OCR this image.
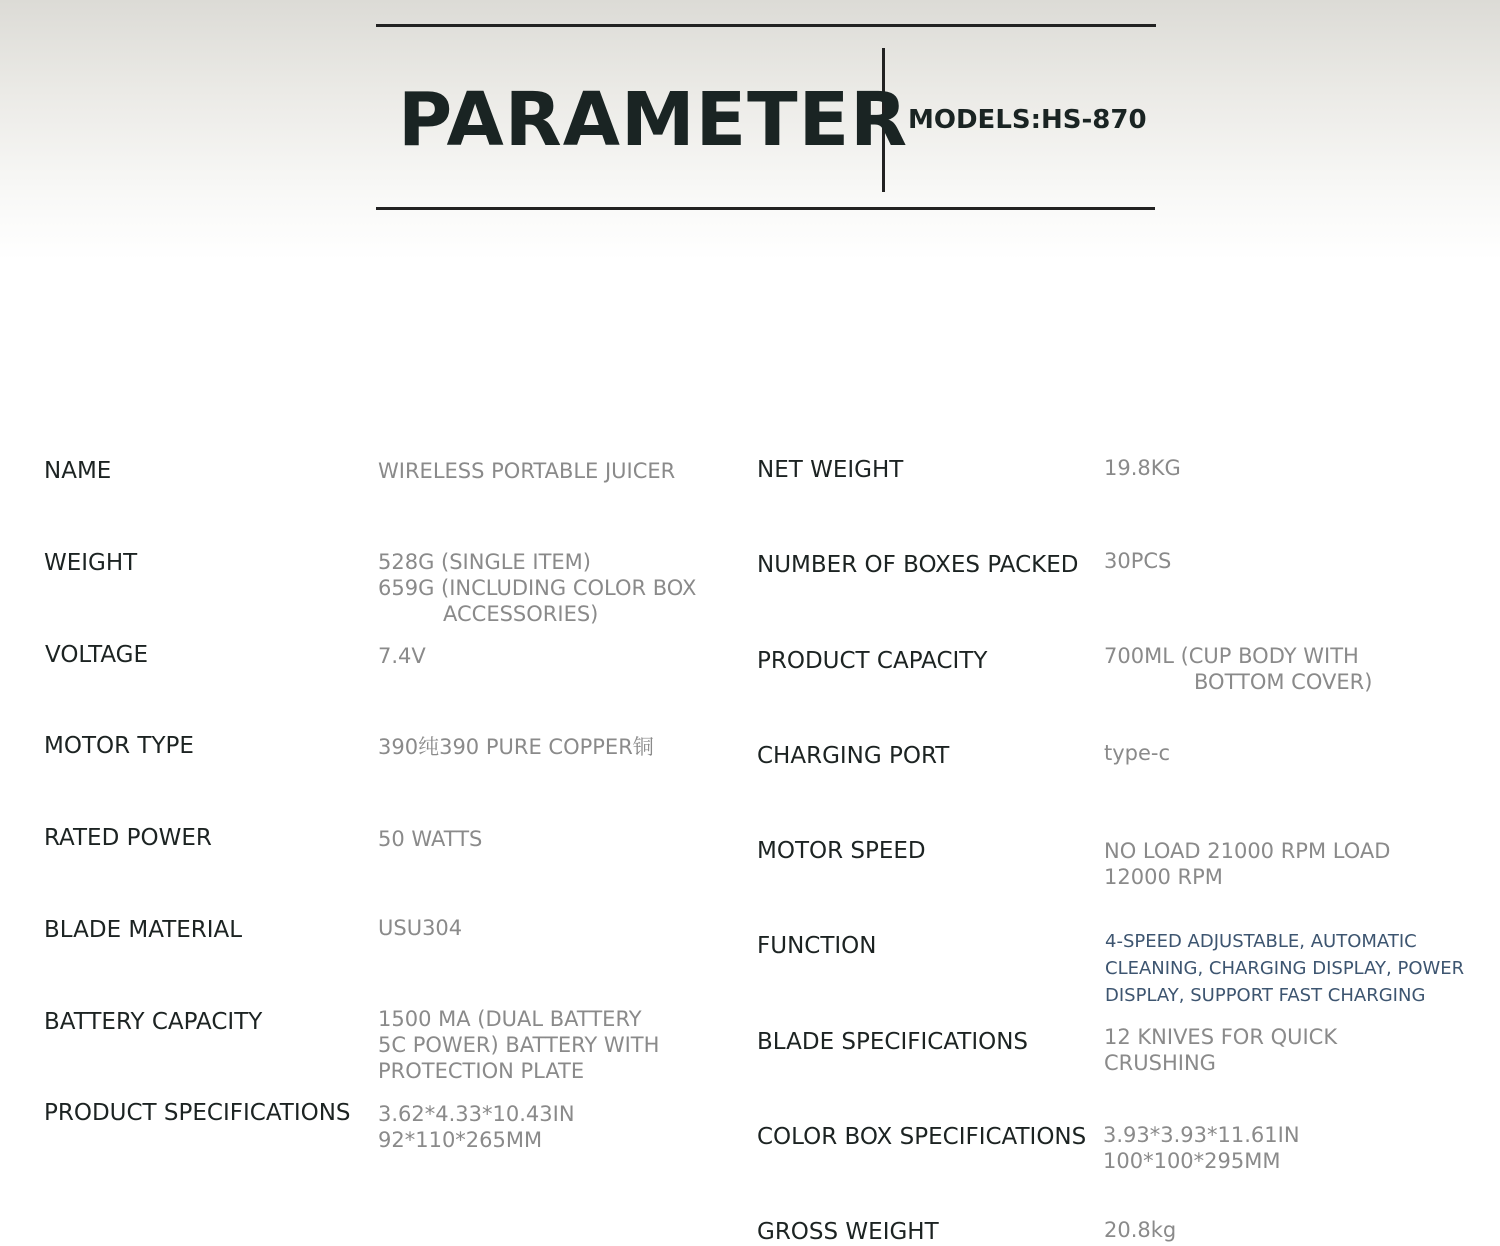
PARAMETER MODELS:HS-870
NAME	WIRELESS PORTABLE JUICER
WEIGHT	528G (SINGLE ITEM)
659G (INCLUDING COLOR BOX
ACCESSORIES)
VOLTAGE	7.4V
MOTOR TYPE	390纯390 PURE COPPER铜
RATED POWER	50 WATTS
BLADE MATERIAL	USU304
BATTERY CAPACITY	1500 MA (DUAL BATTERY
5C POWER) BATTERY WITH
PROTECTION PLATE
PRODUCT SPECIFICATIONS 3.62*4.33*10.43IN
92*110*265MM
NET WEIGHT	19.8KG
NUMBER OF BOXES PACKED 30PCS
PRODUCT CAPACITY	700ML (CUP BODY WITH
BOTTOM COVER)
CHARGING PORT	type-c
MOTOR SPEED	NO LOAD 21000 RPM LOAD
12000 RPM
FUNCTION	4-SPEED ADJUSTABLE, AUTOMATIC
CLEANING, CHARGING DISPLAY, POWER
DISPLAY, SUPPORT FAST CHARGING
BLADE SPECIFICATIONS	12 KNIVES FOR QUICK
CRUSHING
COLOR BOX SPECIFICATIONS 3.93*3.93*11.61IN
100*100*295MM
GROSS WEIGHT	20.8kg
